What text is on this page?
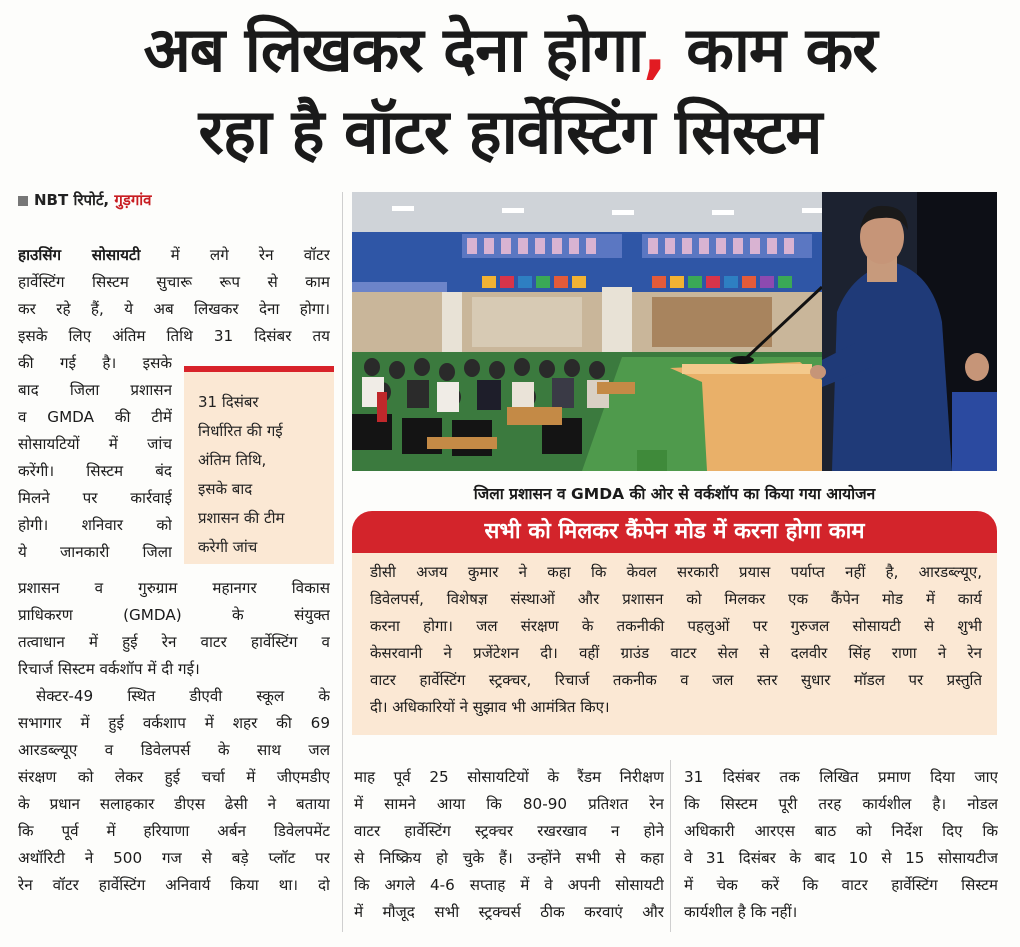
अब लिखकर देना होगा, काम कर
रहा है वॉटर हार्वेस्टिंग सिस्टम
NBT रिपोर्ट, गुड़गांव
हाउसिंग सोसायटी में लगे रेन वॉटर
हार्वेस्टिंग सिस्टम सुचारू रूप से काम
कर रहे हैं, ये अब लिखकर देना होगा।
इसके लिए अंतिम तिथि 31 दिसंबर तय
की गई है। इसके
बाद जिला प्रशासन
व GMDA की टीमें
सोसायटियों में जांच
करेंगी। सिस्टम बंद
मिलने पर कार्रवाई
होगी। शनिवार को
ये जानकारी जिला
प्रशासन व गुरुग्राम महानगर विकास
प्राधिकरण (GMDA) के संयुक्त
तत्वाधान में हुई रेन वाटर हार्वेस्टिंग व
रिचार्ज सिस्टम वर्कशॉप में दी गई।
सेक्टर-49 स्थित डीएवी स्कूल के
सभागार में हुई वर्कशाप में शहर की 69
आरडब्ल्यूए व डिवेलपर्स के साथ जल
संरक्षण को लेकर हुई चर्चा में जीएमडीए
के प्रधान सलाहकार डीएस ढेसी ने बताया
कि पूर्व में हरियाणा अर्बन डिवेलपमेंट
अथॉरिटी ने 500 गज से बड़े प्लॉट पर
रेन वॉटर हार्वेस्टिंग अनिवार्य किया था। दो
31 दिसंबर
निर्धारित की गई
अंतिम तिथि,
इसके बाद
प्रशासन की टीम
करेगी जांच
जिला प्रशासन व GMDA की ओर से वर्कशॉप का किया गया आयोजन
सभी को मिलकर कैंपेन मोड में करना होगा काम
डीसी अजय कुमार ने कहा कि केवल सरकारी प्रयास पर्याप्त नहीं है, आरडब्ल्यूए,
डिवेलपर्स, विशेषज्ञ संस्थाओं और प्रशासन को मिलकर एक कैंपेन मोड में कार्य
करना होगा। जल संरक्षण के तकनीकी पहलुओं पर गुरुजल सोसायटी से शुभी
केसरवानी ने प्रजेंटेशन दी। वहीं ग्राउंड वाटर सेल से दलवीर सिंह राणा ने रेन
वाटर हार्वेस्टिंग स्ट्रक्चर, रिचार्ज तकनीक व जल स्तर सुधार मॉडल पर प्रस्तुति
दी। अधिकारियों ने सुझाव भी आमंत्रित किए।
माह पूर्व 25 सोसायटियों के रैंडम निरीक्षण
में सामने आया कि 80-90 प्रतिशत रेन
वाटर हार्वेस्टिंग स्ट्रक्चर रखरखाव न होने
से निष्क्रिय हो चुके हैं। उन्होंने सभी से कहा
कि अगले 4-6 सप्ताह में वे अपनी सोसायटी
में मौजूद सभी स्ट्रक्चर्स ठीक करवाएं और
31 दिसंबर तक लिखित प्रमाण दिया जाए
कि सिस्टम पूरी तरह कार्यशील है। नोडल
अधिकारी आरएस बाठ को निर्देश दिए कि
वे 31 दिसंबर के बाद 10 से 15 सोसायटीज
में चेक करें कि वाटर हार्वेस्टिंग सिस्टम
कार्यशील है कि नहीं।
